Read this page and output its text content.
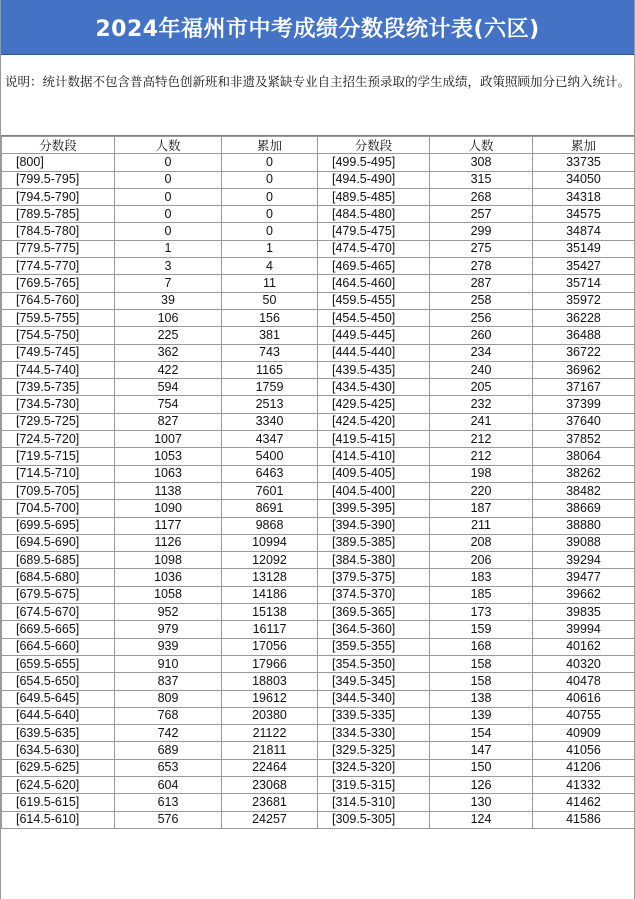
2024年福州市中考成绩分数段统计表(六区)
说明：统计数据不包含普高特色创新班和非遗及紧缺专业自主招生预录取的学生成绩，政策照顾加分已纳入统计。
分数段	人数	累加	分数段	人数	累加
[800]	0	0	[499.5-495]	308	33735
[799.5-795]	0	0	[494.5-490]	315	34050
[794.5-790]	0	0	[489.5-485]	268	34318
[789.5-785]	0	0	[484.5-480]	257	34575
[784.5-780]	0	0	[479.5-475]	299	34874
[779.5-775]	1	1	[474.5-470]	275	35149
[774.5-770]	3	4	[469.5-465]	278	35427
[769.5-765]	7	11	[464.5-460]	287	35714
[764.5-760]	39	50	[459.5-455]	258	35972
[759.5-755]	106	156	[454.5-450]	256	36228
[754.5-750]	225	381	[449.5-445]	260	36488
[749.5-745]	362	743	[444.5-440]	234	36722
[744.5-740]	422	1165	[439.5-435]	240	36962
[739.5-735]	594	1759	[434.5-430]	205	37167
[734.5-730]	754	2513	[429.5-425]	232	37399
[729.5-725]	827	3340	[424.5-420]	241	37640
[724.5-720]	1007	4347	[419.5-415]	212	37852
[719.5-715]	1053	5400	[414.5-410]	212	38064
[714.5-710]	1063	6463	[409.5-405]	198	38262
[709.5-705]	1138	7601	[404.5-400]	220	38482
[704.5-700]	1090	8691	[399.5-395]	187	38669
[699.5-695]	1177	9868	[394.5-390]	211	38880
[694.5-690]	1126	10994	[389.5-385]	208	39088
[689.5-685]	1098	12092	[384.5-380]	206	39294
[684.5-680]	1036	13128	[379.5-375]	183	39477
[679.5-675]	1058	14186	[374.5-370]	185	39662
[674.5-670]	952	15138	[369.5-365]	173	39835
[669.5-665]	979	16117	[364.5-360]	159	39994
[664.5-660]	939	17056	[359.5-355]	168	40162
[659.5-655]	910	17966	[354.5-350]	158	40320
[654.5-650]	837	18803	[349.5-345]	158	40478
[649.5-645]	809	19612	[344.5-340]	138	40616
[644.5-640]	768	20380	[339.5-335]	139	40755
[639.5-635]	742	21122	[334.5-330]	154	40909
[634.5-630]	689	21811	[329.5-325]	147	41056
[629.5-625]	653	22464	[324.5-320]	150	41206
[624.5-620]	604	23068	[319.5-315]	126	41332
[619.5-615]	613	23681	[314.5-310]	130	41462
[614.5-610]	576	24257	[309.5-305]	124	41586
